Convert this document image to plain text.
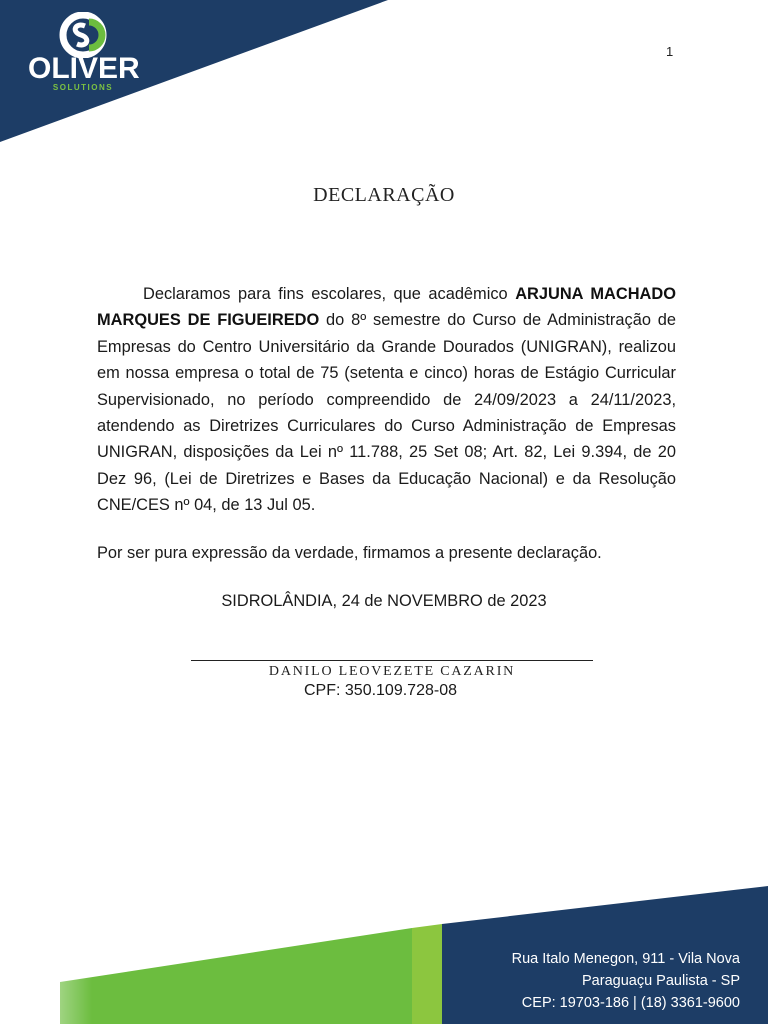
OLIVER
SOLUTIONS
1
DECLARAÇÃO

Declaramos para fins escolares, que acadêmico ARJUNA MACHADO MARQUES DE FIGUEIREDO do 8º semestre do Curso de Administração de Empresas do Centro Universitário da Grande Dourados (UNIGRAN), realizou em nossa empresa o total de 75 (setenta e cinco) horas de Estágio Curricular Supervisionado, no período compreendido de 24/09/2023 a 24/11/2023, atendendo as Diretrizes Curriculares do Curso Administração de Empresas UNIGRAN, disposições da Lei nº 11.788, 25 Set 08; Art. 82, Lei 9.394, de 20 Dez 96, (Lei de Diretrizes e Bases da Educação Nacional) e da Resolução CNE/CES nº 04, de 13 Jul 05.

Por ser pura expressão da verdade, firmamos a presente declaração.
SIDROLÂNDIA, 24 de NOVEMBRO de 2023
DANILO LEOVEZETE CAZARIN
CPF: 350.109.728-08
Rua Italo Menegon, 911 - Vila Nova
Paraguaçu Paulista - SP
CEP: 19703-186 | (18) 3361-9600
